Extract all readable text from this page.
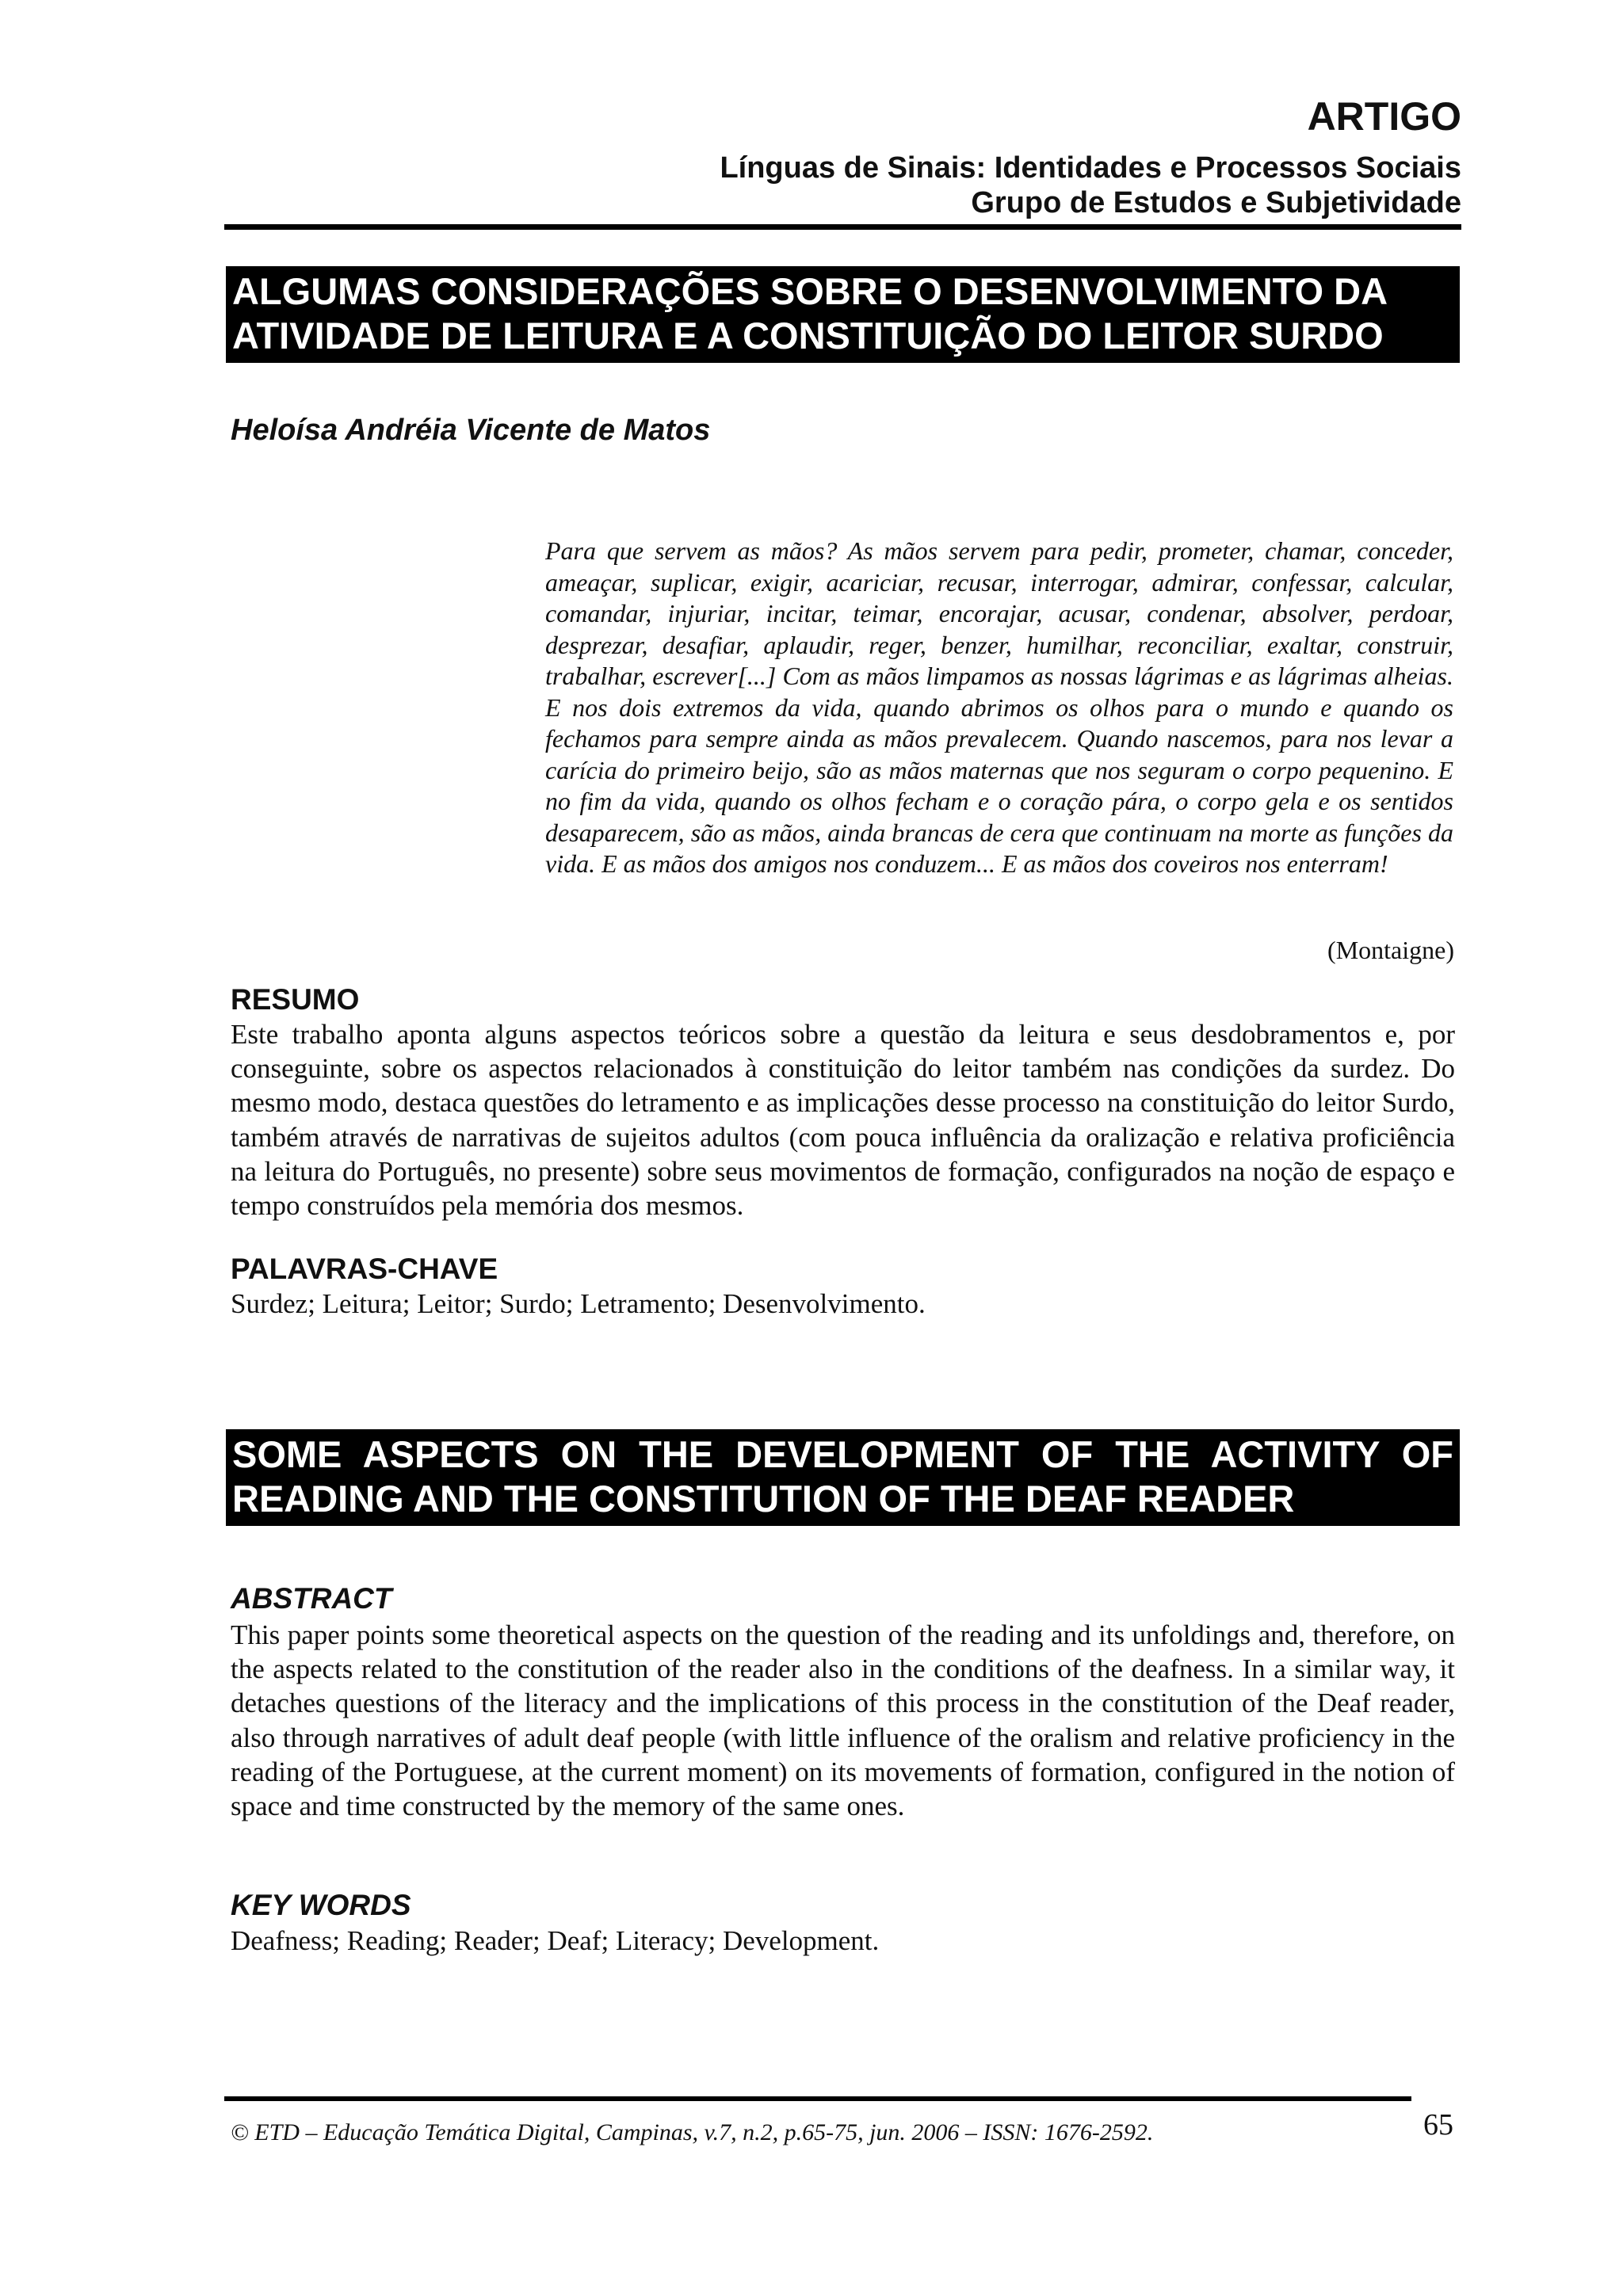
ARTIGO
Línguas de Sinais: Identidades e Processos Sociais
Grupo de Estudos e Subjetividade
ALGUMAS CONSIDERAÇÕES SOBRE O DESENVOLVIMENTO DA
ATIVIDADE DE LEITURA E A CONSTITUIÇÃO DO LEITOR SURDO
Heloísa Andréia Vicente de Matos

Para que servem as mãos? As mãos servem para pedir, prometer, chamar, conceder, ameaçar, suplicar, exigir, acariciar, recusar, interrogar, admirar, confessar, calcular, comandar, injuriar, incitar, teimar, encorajar, acusar, condenar, absolver, perdoar, desprezar, desafiar, aplaudir, reger, benzer, humilhar, reconciliar, exaltar, construir, trabalhar, escrever[...] Com as mãos limpamos as nossas lágrimas e as lágrimas alheias. E nos dois extremos da vida, quando abrimos os olhos para o mundo e quando os fechamos para sempre ainda as mãos prevalecem. Quando nascemos, para nos levar a carícia do primeiro beijo, são as mãos maternas que nos seguram o corpo pequenino. E no fim da vida, quando os olhos fecham e o coração pára, o corpo gela e os sentidos desaparecem, são as mãos, ainda brancas de cera que continuam na morte as funções da vida. E as mãos dos amigos nos conduzem... E as mãos dos coveiros nos enterram!

(Montaigne)
RESUMO

Este trabalho aponta alguns aspectos teóricos sobre a questão da leitura e seus desdobramentos e, por conseguinte, sobre os aspectos relacionados à constituição do leitor também nas condições da surdez. Do mesmo modo, destaca questões do letramento e as implicações desse processo na constituição do leitor Surdo, também através de narrativas de sujeitos adultos (com pouca influência da oralização e relativa proficiência na leitura do Português, no presente) sobre seus movimentos de formação, configurados na noção de espaço e tempo construídos pela memória dos mesmos.

PALAVRAS-CHAVE

Surdez; Leitura; Leitor; Surdo; Letramento; Desenvolvimento.

SOME ASPECTS ON THE DEVELOPMENT OF THE ACTIVITY OF
READING AND THE CONSTITUTION OF THE DEAF READER
ABSTRACT

This paper points some theoretical aspects on the question of the reading and its unfoldings and, therefore, on the aspects related to the constitution of the reader also in the conditions of the deafness. In a similar way, it detaches questions of the literacy and the implications of this process in the constitution of the Deaf reader, also through narratives of adult deaf people (with little influence of the oralism and relative proficiency in the reading of the Portuguese, at the current moment) on its movements of formation, configured in the notion of space and time constructed by the memory of the same ones.

KEY WORDS

Deafness; Reading; Reader; Deaf; Literacy; Development.

© ETD – Educação Temática Digital, Campinas, v.7, n.2, p.65-75, jun. 2006 – ISSN: 1676-2592.	65
